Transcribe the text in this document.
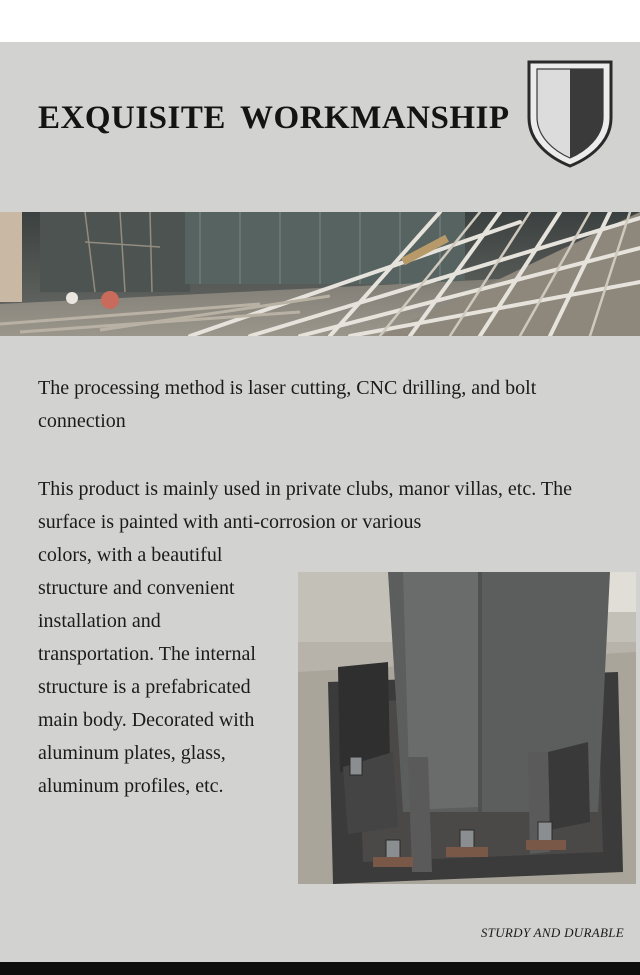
EXQUISITE WORKMANSHIP

The processing method is laser cutting, CNC drilling, and bolt connection

This product is mainly used in private clubs, manor villas, etc. The surface is painted with anti-corrosion or various

colors, with a beautiful structure and convenient installation and transportation. The internal structure is a prefabricated main body. Decorated with aluminum plates, glass, aluminum profiles, etc.

STURDY AND DURABLE
